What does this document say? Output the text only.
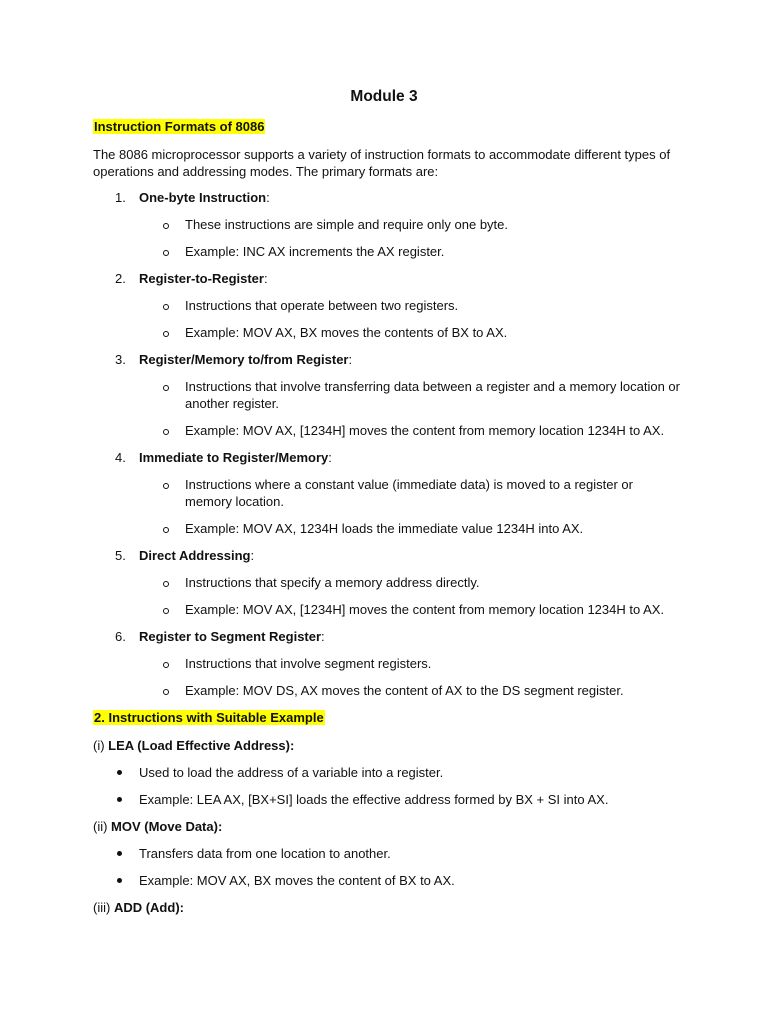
Module 3
Instruction Formats of 8086

The 8086 microprocessor supports a variety of instruction formats to accommodate different types of operations and addressing modes. The primary formats are:

1. One-byte Instruction:
These instructions are simple and require only one byte.
Example: INC AX increments the AX register.
2. Register-to-Register:
Instructions that operate between two registers.
Example: MOV AX, BX moves the contents of BX to AX.
3. Register/Memory to/from Register:
Instructions that involve transferring data between a register and a memory location or another register.
Example: MOV AX, [1234H] moves the content from memory location 1234H to AX.
4. Immediate to Register/Memory:
Instructions where a constant value (immediate data) is moved to a register or memory location.
Example: MOV AX, 1234H loads the immediate value 1234H into AX.
5. Direct Addressing:
Instructions that specify a memory address directly.
Example: MOV AX, [1234H] moves the content from memory location 1234H to AX.
6. Register to Segment Register:
Instructions that involve segment registers.
Example: MOV DS, AX moves the content of AX to the DS segment register.
2. Instructions with Suitable Example
(i) LEA (Load Effective Address):
Used to load the address of a variable into a register.
Example: LEA AX, [BX+SI] loads the effective address formed by BX + SI into AX.
(ii) MOV (Move Data):
Transfers data from one location to another.
Example: MOV AX, BX moves the content of BX to AX.
(iii) ADD (Add):
